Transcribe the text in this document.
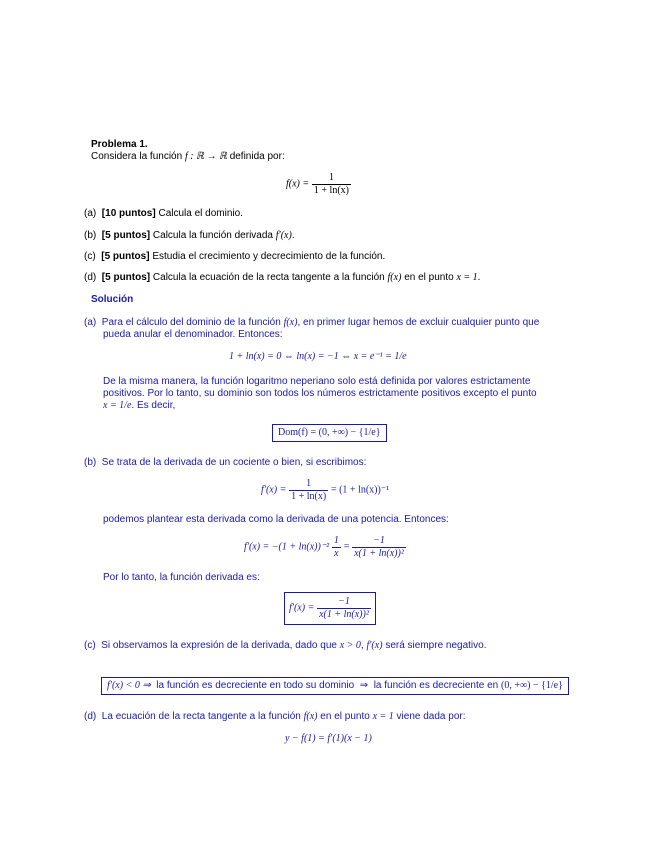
Problema 1.
Considera la función f : ℝ → ℝ definida por:
$f(x) = \frac{1}{1 + \ln(x)}$
(a) [10 puntos] Calcula el dominio.
(b) [5 puntos] Calcula la función derivada f′(x).
(c) [5 puntos] Estudia el crecimiento y decrecimiento de la función.
(d) [5 puntos] Calcula la ecuación de la recta tangente a la función f(x) en el punto x = 1.
Solución
(a) Para el cálculo del dominio de la función f(x), en primer lugar hemos de excluir cualquier punto que
pueda anular el denominador. Entonces:
1 + ln(x) = 0 ⇔ ln(x) = −1 ⇔ x = e⁻¹ = 1/e
De la misma manera, la función logaritmo neperiano solo está definida por valores estrictamente
positivos. Por lo tanto, su dominio son todos los números estrictamente positivos excepto el punto
x = 1/e. Es decir,
Dom(f) = (0, +∞) − {1/e}
(b) Se trata de la derivada de un cociente o bien, si escribimos:
$f'(x) = \frac{1}{1 + \ln(x)} = (1 + \ln(x))^{-1}$
podemos plantear esta derivada como la derivada de una potencia. Entonces:
$f'(x) = -(1 + \ln(x))^{-2} \frac{1}{x} = \frac{-1}{\text{x(1 + ln(x))²}}$
Por lo tanto, la función derivada es:
$f'(x) = \frac{-1}{\text{x(1 + ln(x))²}}$
(c) Si observamos la expresión de la derivada, dado que x > 0, f′(x) será siempre negativo.
f′(x) < 0 ⇒ la función es decreciente en todo su dominio ⇒ la función es decreciente en (0, +∞) − {1/e}
(d) La ecuación de la recta tangente a la función f(x) en el punto x = 1 viene dada por:
y − f(1) = f′(1)(x − 1)
